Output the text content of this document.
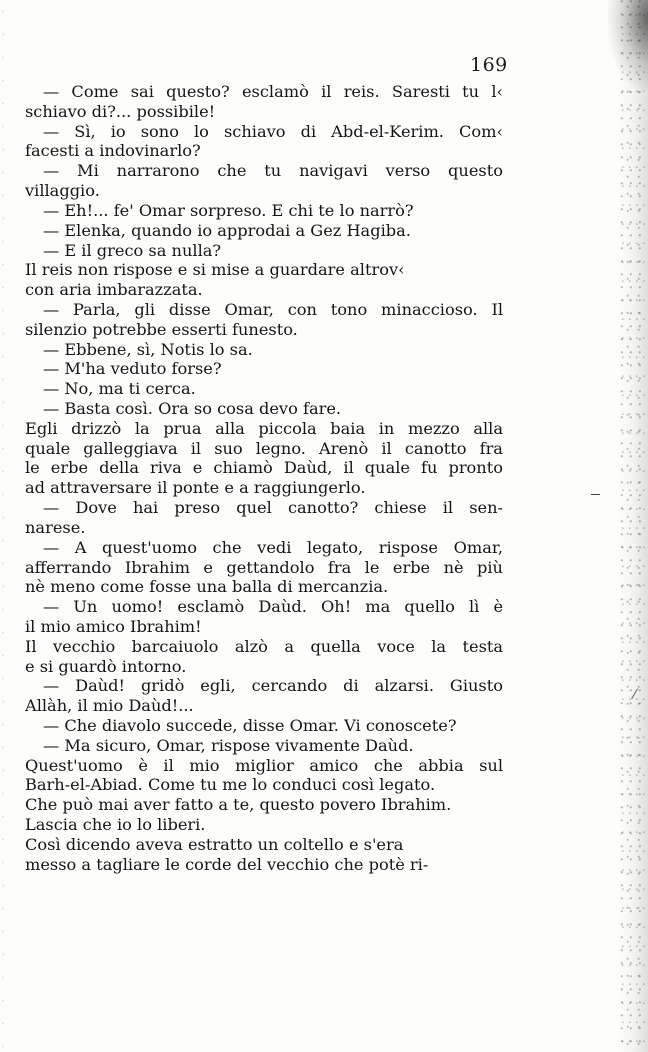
169
— Come sai questo? esclamò il reis. Saresti tu l‹
schiavo di?... possibile!
— Sì, io sono lo schiavo di Abd-el-Kerim. Com‹
facesti a indovinarlo?
— Mi narrarono che tu navigavi verso questo
villaggio.
— Eh!... fe' Omar sorpreso. E chi te lo narrò?
— Elenka, quando io approdai a Gez Hagiba.
— E il greco sa nulla?
Il reis non rispose e si mise a guardare altrov‹
con aria imbarazzata.
— Parla, gli disse Omar, con tono minaccioso. Il
silenzio potrebbe esserti funesto.
— Ebbene, sì, Notis lo sa.
— M'ha veduto forse?
— No, ma ti cerca.
— Basta così. Ora so cosa devo fare.
Egli drizzò la prua alla piccola baia in mezzo alla
quale galleggiava il suo legno. Arenò il canotto fra
le erbe della riva e chiamò Daùd, il quale fu pronto
ad attraversare il ponte e a raggiungerlo.
— Dove hai preso quel canotto? chiese il sen-
narese.
— A quest'uomo che vedi legato, rispose Omar,
afferrando Ibrahim e gettandolo fra le erbe nè più
nè meno come fosse una balla di mercanzia.
— Un uomo! esclamò Daùd. Oh! ma quello lì è
il mio amico Ibrahim!
Il vecchio barcaiuolo alzò a quella voce la testa
e si guardò intorno.
— Daùd! gridò egli, cercando di alzarsi. Giusto
Allàh, il mio Daùd!...
— Che diavolo succede, disse Omar. Vi conoscete?
— Ma sicuro, Omar, rispose vivamente Daùd.
Quest'uomo è il mio miglior amico che abbia sul
Barh-el-Abiad. Come tu me lo conduci così legato.
Che può mai aver fatto a te, questo povero Ibrahim.
Lascia che io lo liberi.
Così dicendo aveva estratto un coltello e s'era
messo a tagliare le corde del vecchio che potè ri-
